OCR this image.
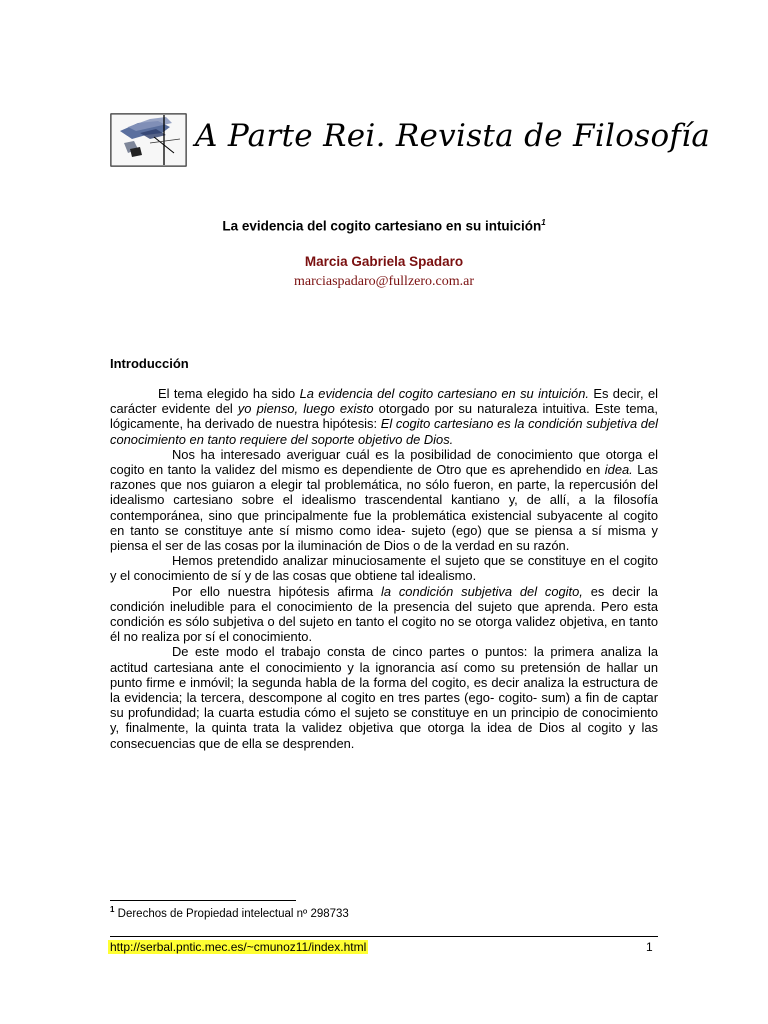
A Parte Rei. Revista de Filosofía
La evidencia del cogito cartesiano en su intuición$^1$
Marcia Gabriela Spadaro
marciaspadaro@fullzero.com.ar
Introducción

El tema elegido ha sido La evidencia del cogito cartesiano en su intuición. Es decir, el carácter evidente del yo pienso, luego existo otorgado por su naturaleza intuitiva. Este tema, lógicamente, ha derivado de nuestra hipótesis: El cogito cartesiano es la condición subjetiva del conocimiento en tanto requiere del soporte objetivo de Dios.

Nos ha interesado averiguar cuál es la posibilidad de conocimiento que otorga el cogito en tanto la validez del mismo es dependiente de Otro que es aprehendido en idea. Las razones que nos guiaron a elegir tal problemática, no sólo fueron, en parte, la repercusión del idealismo cartesiano sobre el idealismo trascendental kantiano y, de allí, a la filosofía contemporánea, sino que principalmente fue la problemática existencial subyacente al cogito en tanto se constituye ante sí mismo como idea- sujeto (ego) que se piensa a sí misma y piensa el ser de las cosas por la iluminación de Dios o de la verdad en su razón.

Hemos pretendido analizar minuciosamente el sujeto que se constituye en el cogito y el conocimiento de sí y de las cosas que obtiene tal idealismo.

Por ello nuestra hipótesis afirma la condición subjetiva del cogito, es decir la condición ineludible para el conocimiento de la presencia del sujeto que aprenda. Pero esta condición es sólo subjetiva o del sujeto en tanto el cogito no se otorga validez objetiva, en tanto él no realiza por sí el conocimiento.

De este modo el trabajo consta de cinco partes o puntos: la primera analiza la actitud cartesiana ante el conocimiento y la ignorancia así como su pretensión de hallar un punto firme e inmóvil; la segunda habla de la forma del cogito, es decir analiza la estructura de la evidencia; la tercera, descompone al cogito en tres partes (ego- cogito- sum) a fin de captar su profundidad; la cuarta estudia cómo el sujeto se constituye en un principio de conocimiento y, finalmente, la quinta trata la validez objetiva que otorga la idea de Dios al cogito y las consecuencias que de ella se desprenden.

$^1$ Derechos de Propiedad intelectual nº 298733
http://serbal.pntic.mec.es/~cmunoz11/index.html	1
